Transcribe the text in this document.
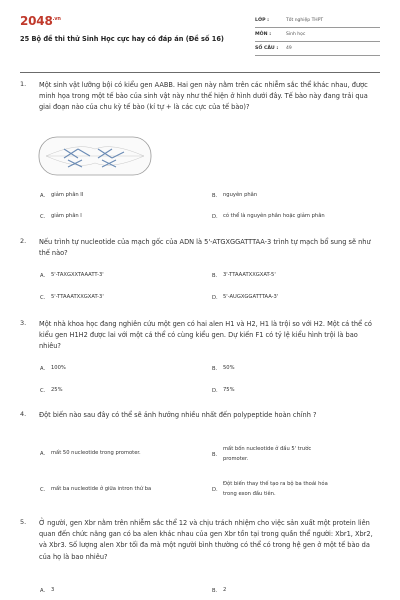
$2048^{.vn}$
25 Bộ đề thi thử Sinh Học cực hay có đáp án (Đề số 16)
LỚP :	Tốt nghiệp THPT
MÔN :	Sinh học
SỐ CÂU :	49
1. Một sinh vật lưỡng bội có kiểu gen AABB. Hai gen này nằm trên các nhiễm sắc thể khác nhau, được minh họa trong một tế bào của sinh vật này như thế hiện ở hình dưới đây. Tế bào này đang trải qua giai đoạn nào của chu kỳ tế bào (kí tự + là các cực của tế bào)?
A.	giảm phân II	B.	nguyên phân
C.	giảm phân I	D.	có thể là nguyên phân hoặc giảm phân
2. Nếu trình tự nucleotide của mạch gốc của ADN là 5'-ATGXGGATTTAA-3 trình tự mạch bổ sung sẽ như thế nào?
A.	5'-TAXGXXTAAATT-3'	B.	3'-TTAAATXXGXAT-5'
C.	5'-TTAAATXXGXAT-3'	D.	5'-AUGXGGATTTAA-3'
3. Một nhà khoa học đang nghiên cứu một gen có hai alen H1 và H2, H1 là trội so với H2. Một cá thể có kiểu gen H1H2 được lai với một cá thể có cùng kiểu gen. Dự kiến F1 có tỷ lệ kiểu hình trội là bao nhiêu?
A.	100%	B.	50%
C.	25%	D.	75%
4. Đột biến nào sau đây có thể sẽ ảnh hưởng nhiều nhất đến polypeptide hoàn chỉnh ?
A.	mất 50 nucleotide trong promoter.	B.
mất bốn nucleotide ở đầu 5' trước promoter.
C.	mất ba nucleotide ở giữa intron thứ ba	D.
Đột biến thay thế tạo ra bộ ba thoái hóa trong exon đầu tiên.
5. Ở người, gen Xbr nằm trên nhiễm sắc thể 12 và chịu trách nhiệm cho việc sản xuất một protein liên quan đến chức năng gan có ba alen khác nhau của gen Xbr tồn tại trong quần thể người: Xbr1, Xbr2, và Xbr3. Số lượng alen Xbr tối đa mà một người bình thường có thể có trong hệ gen ở một tế bào da của họ là bao nhiêu?
A.	3	B.	2
